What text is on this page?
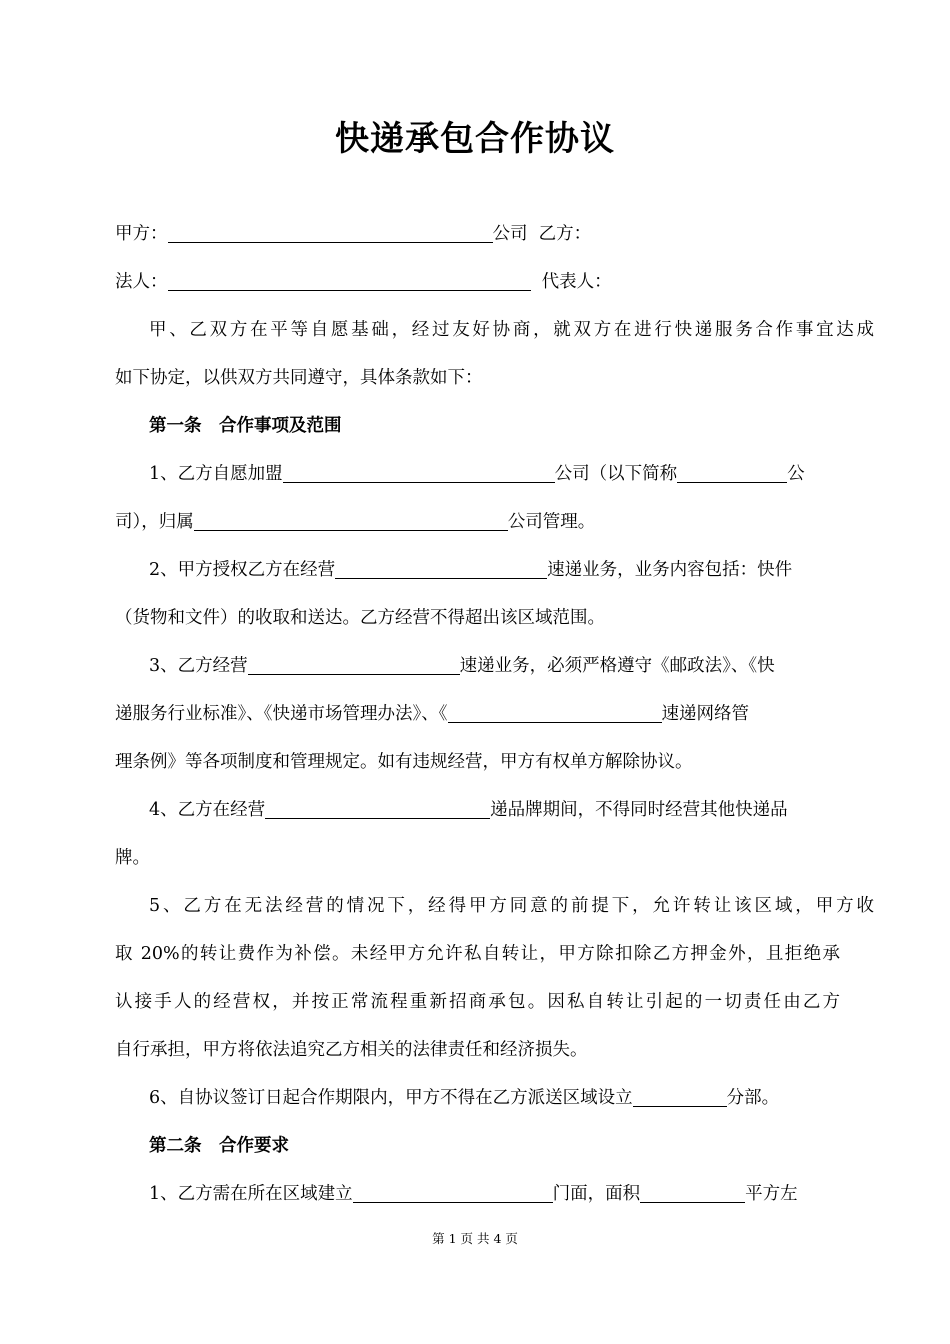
快递承包合作协议
甲方：	公司 乙方：
法人：	代表人：
甲、乙双方在平等自愿基础，经过友好协商，就双方在进行快递服务合作事宜达成
如下协定，以供双方共同遵守，具体条款如下：
第一条　合作事项及范围
1、乙方自愿加盟	公司（以下简称	公
司），归属	公司管理。
2、甲方授权乙方在经营	速递业务，业务内容包括：快件
（货物和文件）的收取和送达。乙方经营不得超出该区域范围。
3、乙方经营	速递业务，必须严格遵守《邮政法》、《快
递服务行业标准》、《快递市场管理办法》、《	速递网络管
理条例》等各项制度和管理规定。如有违规经营，甲方有权单方解除协议。
4、乙方在经营	递品牌期间，不得同时经营其他快递品
牌。
5、乙方在无法经营的情况下，经得甲方同意的前提下，允许转让该区域，甲方收
取 20%的转让费作为补偿。未经甲方允许私自转让，甲方除扣除乙方押金外，且拒绝承
认接手人的经营权，并按正常流程重新招商承包。因私自转让引起的一切责任由乙方
自行承担，甲方将依法追究乙方相关的法律责任和经济损失。
6、自协议签订日起合作期限内，甲方不得在乙方派送区域设立	分部。
第二条　合作要求
1、乙方需在所在区域建立	门面，面积	平方左
第 1 页 共 4 页
